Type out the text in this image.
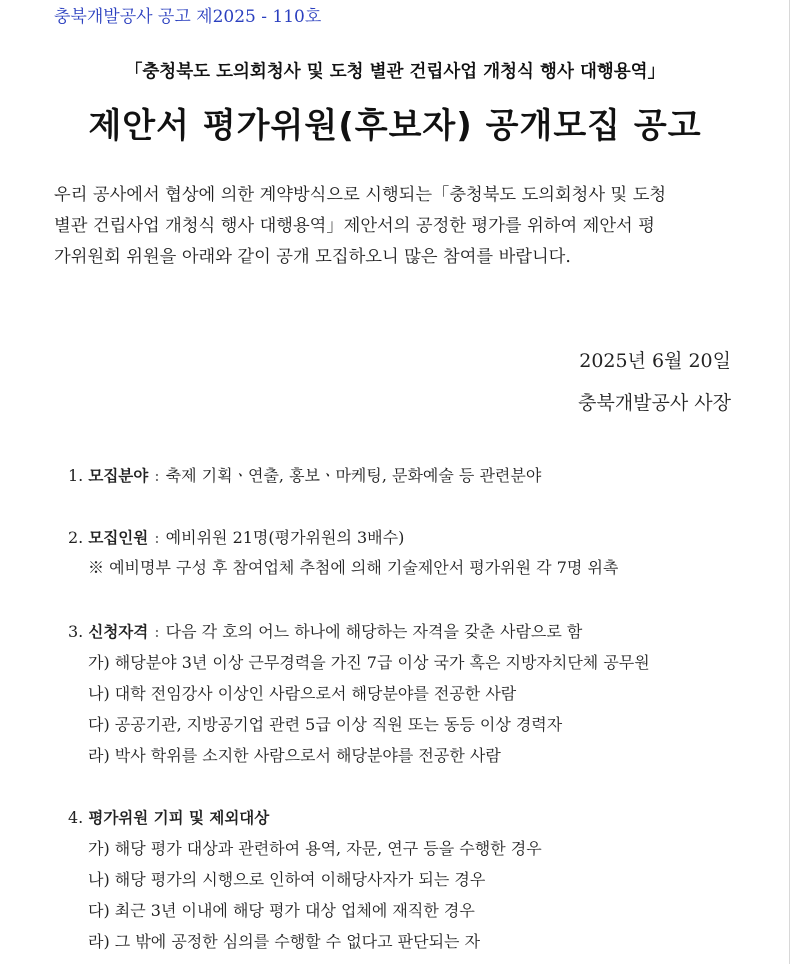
충북개발공사 공고 제2025 - 110호
「충청북도 도의회청사 및 도청 별관 건립사업 개청식 행사 대행용역」
제안서 평가위원(후보자) 공개모집 공고
우리 공사에서 협상에 의한 계약방식으로 시행되는「충청북도 도의회청사 및 도청
별관 건립사업 개청식 행사 대행용역」제안서의 공정한 평가를 위하여 제안서 평
가위원회 위원을 아래와 같이 공개 모집하오니 많은 참여를 바랍니다.
2025년 6월 20일
충북개발공사 사장
1. 모집분야 : 축제 기획ㆍ연출, 홍보ㆍ마케팅, 문화예술 등 관련분야
2. 모집인원 : 예비위원 21명(평가위원의 3배수)
※ 예비명부 구성 후 참여업체 추첨에 의해 기술제안서 평가위원 각 7명 위촉
3. 신청자격 : 다음 각 호의 어느 하나에 해당하는 자격을 갖춘 사람으로 함
가) 해당분야 3년 이상 근무경력을 가진 7급 이상 국가 혹은 지방자치단체 공무원
나) 대학 전임강사 이상인 사람으로서 해당분야를 전공한 사람
다) 공공기관, 지방공기업 관련 5급 이상 직원 또는 동등 이상 경력자
라) 박사 학위를 소지한 사람으로서 해당분야를 전공한 사람
4. 평가위원 기피 및 제외대상
가) 해당 평가 대상과 관련하여 용역, 자문, 연구 등을 수행한 경우
나) 해당 평가의 시행으로 인하여 이해당사자가 되는 경우
다) 최근 3년 이내에 해당 평가 대상 업체에 재직한 경우
라) 그 밖에 공정한 심의를 수행할 수 없다고 판단되는 자
